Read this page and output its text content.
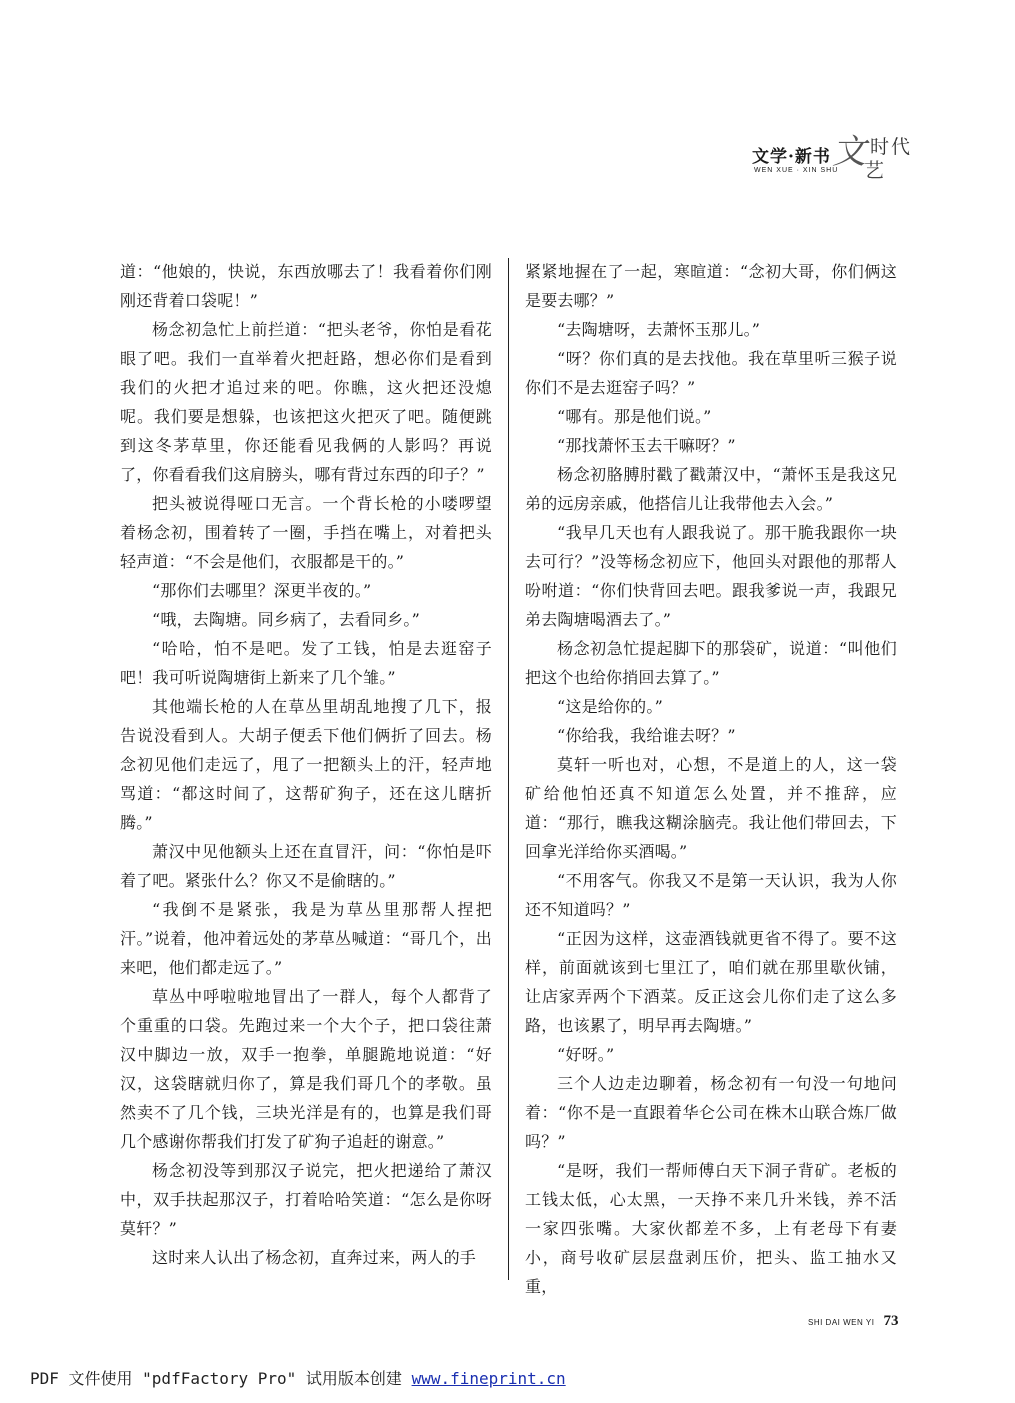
文学·新书
WEN XUE · XIN SHU
文 时代
艺

道：“他娘的，快说，东西放哪去了！我看着你们刚刚还背着口袋呢！”

杨念初急忙上前拦道：“把头老爷，你怕是看花眼了吧。我们一直举着火把赶路，想必你们是看到我们的火把才追过来的吧。你瞧，这火把还没熄呢。我们要是想躲，也该把这火把灭了吧。随便跳到这冬茅草里，你还能看见我俩的人影吗？再说了，你看看我们这肩膀头，哪有背过东西的印子？”

把头被说得哑口无言。一个背长枪的小喽啰望着杨念初，围着转了一圈，手挡在嘴上，对着把头轻声道：“不会是他们，衣服都是干的。”

“那你们去哪里？深更半夜的。”

“哦，去陶塘。同乡病了，去看同乡。”

“哈哈，怕不是吧。发了工钱，怕是去逛窑子吧！我可听说陶塘街上新来了几个雏。”

其他端长枪的人在草丛里胡乱地搜了几下，报告说没看到人。大胡子便丢下他们俩折了回去。杨念初见他们走远了，甩了一把额头上的汗，轻声地骂道：“都这时间了，这帮矿狗子，还在这儿瞎折腾。”

萧汉中见他额头上还在直冒汗，问：“你怕是吓着了吧。紧张什么？你又不是偷瞎的。”

“我倒不是紧张，我是为草丛里那帮人捏把汗。”说着，他冲着远处的茅草丛喊道：“哥几个，出来吧，他们都走远了。”

草丛中呼啦啦地冒出了一群人，每个人都背了个重重的口袋。先跑过来一个大个子，把口袋往萧汉中脚边一放，双手一抱拳，单腿跪地说道：“好汉，这袋瞎就归你了，算是我们哥几个的孝敬。虽然卖不了几个钱，三块光洋是有的，也算是我们哥几个感谢你帮我们打发了矿狗子追赶的谢意。”

杨念初没等到那汉子说完，把火把递给了萧汉中，双手扶起那汉子，打着哈哈笑道：“怎么是你呀莫轩？”

这时来人认出了杨念初，直奔过来，两人的手

紧紧地握在了一起，寒暄道：“念初大哥，你们俩这是要去哪？”

“去陶塘呀，去萧怀玉那儿。”

“呀？你们真的是去找他。我在草里听三猴子说你们不是去逛窑子吗？”

“哪有。那是他们说。”

“那找萧怀玉去干嘛呀？”

杨念初胳膊肘戳了戳萧汉中，“萧怀玉是我这兄弟的远房亲戚，他搭信儿让我带他去入会。”

“我早几天也有人跟我说了。那干脆我跟你一块去可行？”没等杨念初应下，他回头对跟他的那帮人吩咐道：“你们快背回去吧。跟我爹说一声，我跟兄弟去陶塘喝酒去了。”

杨念初急忙提起脚下的那袋矿，说道：“叫他们把这个也给你捎回去算了。”

“这是给你的。”

“你给我，我给谁去呀？”

莫轩一听也对，心想，不是道上的人，这一袋矿给他怕还真不知道怎么处置，并不推辞，应道：“那行，瞧我这糊涂脑壳。我让他们带回去，下回拿光洋给你买酒喝。”

“不用客气。你我又不是第一天认识，我为人你还不知道吗？”

“正因为这样，这壶酒钱就更省不得了。要不这样，前面就该到七里江了，咱们就在那里歇伙铺，让店家弄两个下酒菜。反正这会儿你们走了这么多路，也该累了，明早再去陶塘。”

“好呀。”

三个人边走边聊着，杨念初有一句没一句地问着：“你不是一直跟着华仑公司在株木山联合炼厂做吗？”

“是呀，我们一帮师傅白天下洞子背矿。老板的工钱太低，心太黑，一天挣不来几升米钱，养不活一家四张嘴。大家伙都差不多，上有老母下有妻小，商号收矿层层盘剥压价，把头、监工抽水又重，

SHI DAI WEN YI 73
PDF 文件使用 "pdfFactory Pro" 试用版本创建 www.fineprint.cn
